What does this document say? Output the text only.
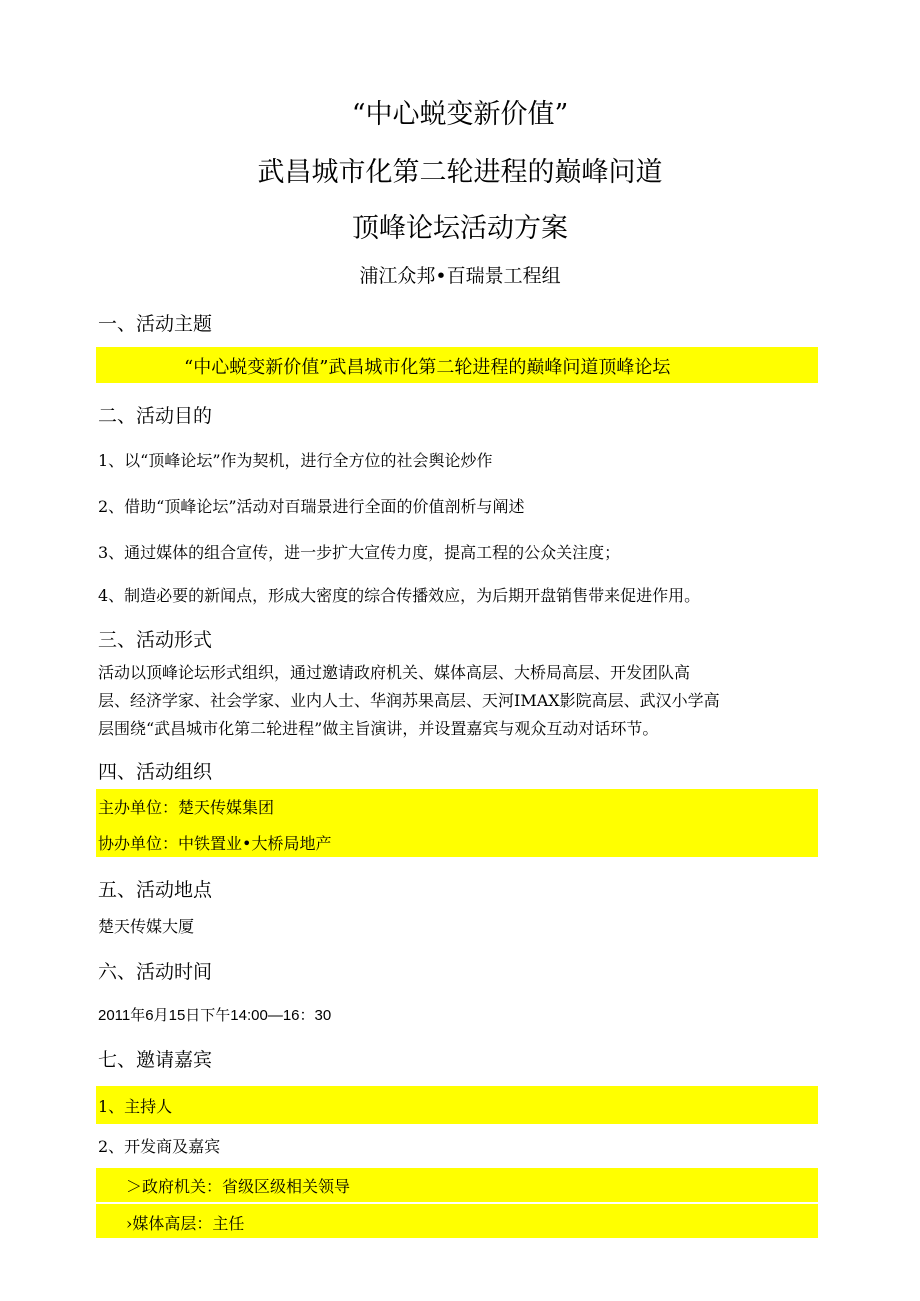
“中心蜕变新价值”
武昌城市化第二轮进程的巅峰问道
顶峰论坛活动方案
浦江众邦•百瑞景工程组
一、活动主题
“中心蜕变新价值”武昌城市化第二轮进程的巅峰问道顶峰论坛
二、活动目的
1、以“顶峰论坛”作为契机，进行全方位的社会舆论炒作
2、借助“顶峰论坛”活动对百瑞景进行全面的价值剖析与阐述
3、通过媒体的组合宣传，进一步扩大宣传力度，提高工程的公众关注度；
4、制造必要的新闻点，形成大密度的综合传播效应，为后期开盘销售带来促进作用。
三、活动形式
活动以顶峰论坛形式组织，通过邀请政府机关、媒体高层、大桥局高层、开发团队高
层、经济学家、社会学家、业内人士、华润苏果高层、天河IMAX影院高层、武汉小学高
层围绕“武昌城市化第二轮进程”做主旨演讲，并设置嘉宾与观众互动对话环节。
四、活动组织
主办单位：楚天传媒集团
协办单位：中铁置业•大桥局地产
五、活动地点
楚天传媒大厦
六、活动时间
2011年6月15日下午14:00—16：30
七、邀请嘉宾
1、主持人
2、开发商及嘉宾
＞政府机关：省级区级相关领导
›媒体高层：主任
